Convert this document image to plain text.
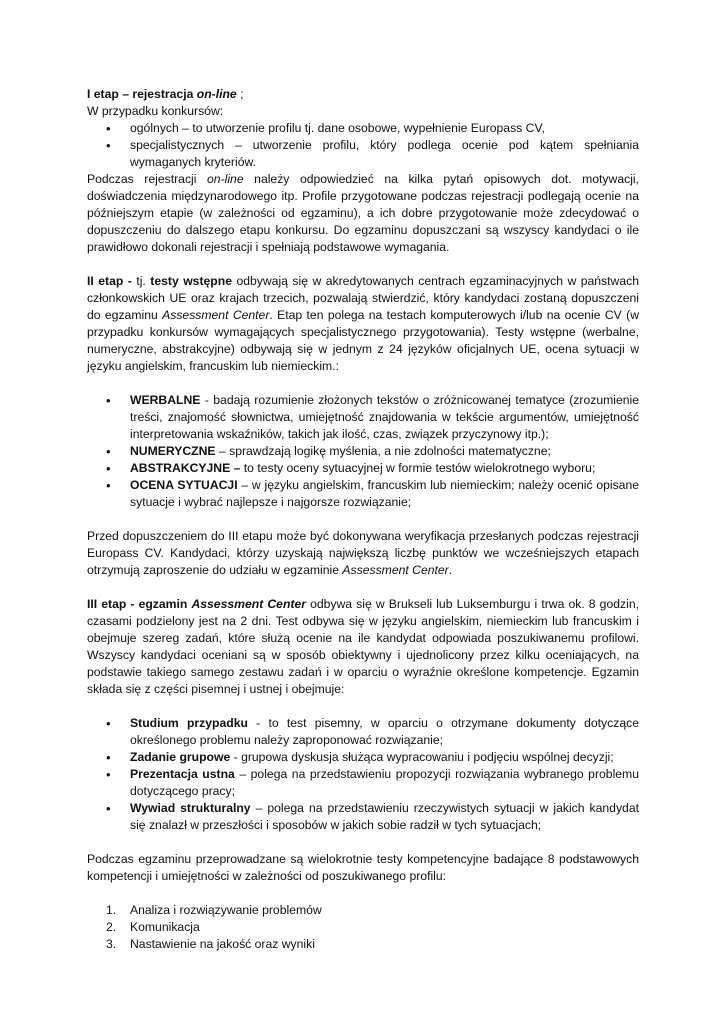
I etap – rejestracja on-line ;

W przypadku konkursów:

• ogólnych – to utworzenie profilu tj. dane osobowe, wypełnienie Europass CV,
• specjalistycznych – utworzenie profilu, który podlega ocenie pod kątem spełniania wymaganych kryteriów.

Podczas rejestracji on-line należy odpowiedzieć na kilka pytań opisowych dot. motywacji, doświadczenia międzynarodowego itp. Profile przygotowane podczas rejestracji podlegają ocenie na późniejszym etapie (w zależności od egzaminu), a ich dobre przygotowanie może zdecydować o dopuszczeniu do dalszego etapu konkursu. Do egzaminu dopuszczani są wszyscy kandydaci o ile prawidłowo dokonali rejestracji i spełniają podstawowe wymagania.

II etap - tj. testy wstępne odbywają się w akredytowanych centrach egzaminacyjnych w państwach członkowskich UE oraz krajach trzecich, pozwalają stwierdzić, który kandydaci zostaną dopuszczeni do egzaminu Assessment Center. Etap ten polega na testach komputerowych i/lub na ocenie CV (w przypadku konkursów wymagających specjalistycznego przygotowania). Testy wstępne (werbalne, numeryczne, abstrakcyjne) odbywają się w jednym z 24 języków oficjalnych UE, ocena sytuacji w języku angielskim, francuskim lub niemieckim.:

• WERBALNE - badają rozumienie złożonych tekstów o zróżnicowanej tematyce (zrozumienie treści, znajomość słownictwa, umiejętność znajdowania w tekście argumentów, umiejętność interpretowania wskaźników, takich jak ilość, czas, związek przyczynowy itp.);
• NUMERYCZNE – sprawdzają logikę myślenia, a nie zdolności matematyczne;
• ABSTRAKCYJNE – to testy oceny sytuacyjnej w formie testów wielokrotnego wyboru;
• OCENA SYTUACJI – w języku angielskim, francuskim lub niemieckim; należy ocenić opisane sytuacje i wybrać najlepsze i najgorsze rozwiązanie;

Przed dopuszczeniem do III etapu może być dokonywana weryfikacja przesłanych podczas rejestracji Europass CV. Kandydaci, którzy uzyskają największą liczbę punktów we wcześniejszych etapach otrzymują zaproszenie do udziału w egzaminie Assessment Center.

III etap - egzamin Assessment Center odbywa się w Brukseli lub Luksemburgu i trwa ok. 8 godzin, czasami podzielony jest na 2 dni. Test odbywa się w języku angielskim, niemieckim lub francuskim i obejmuje szereg zadań, które służą ocenie na ile kandydat odpowiada poszukiwanemu profilowi. Wszyscy kandydaci oceniani są w sposób obiektywny i ujednolicony przez kilku oceniających, na podstawie takiego samego zestawu zadań i w oparciu o wyraźnie określone kompetencje. Egzamin składa się z części pisemnej i ustnej i obejmuje:

• Studium przypadku - to test pisemny, w oparciu o otrzymane dokumenty dotyczące określonego problemu należy zaproponować rozwiązanie;
• Zadanie grupowe - grupowa dyskusja służąca wypracowaniu i podjęciu wspólnej decyzji;
• Prezentacja ustna – polega na przedstawieniu propozycji rozwiązania wybranego problemu dotyczącego pracy;
• Wywiad strukturalny – polega na przedstawieniu rzeczywistych sytuacji w jakich kandydat się znalazł w przeszłości i sposobów w jakich sobie radził w tych sytuacjach;

Podczas egzaminu przeprowadzane są wielokrotnie testy kompetencyjne badające 8 podstawowych kompetencji i umiejętności w zależności od poszukiwanego profilu:

1. Analiza i rozwiązywanie problemów
2. Komunikacja
3. Nastawienie na jakość oraz wyniki
